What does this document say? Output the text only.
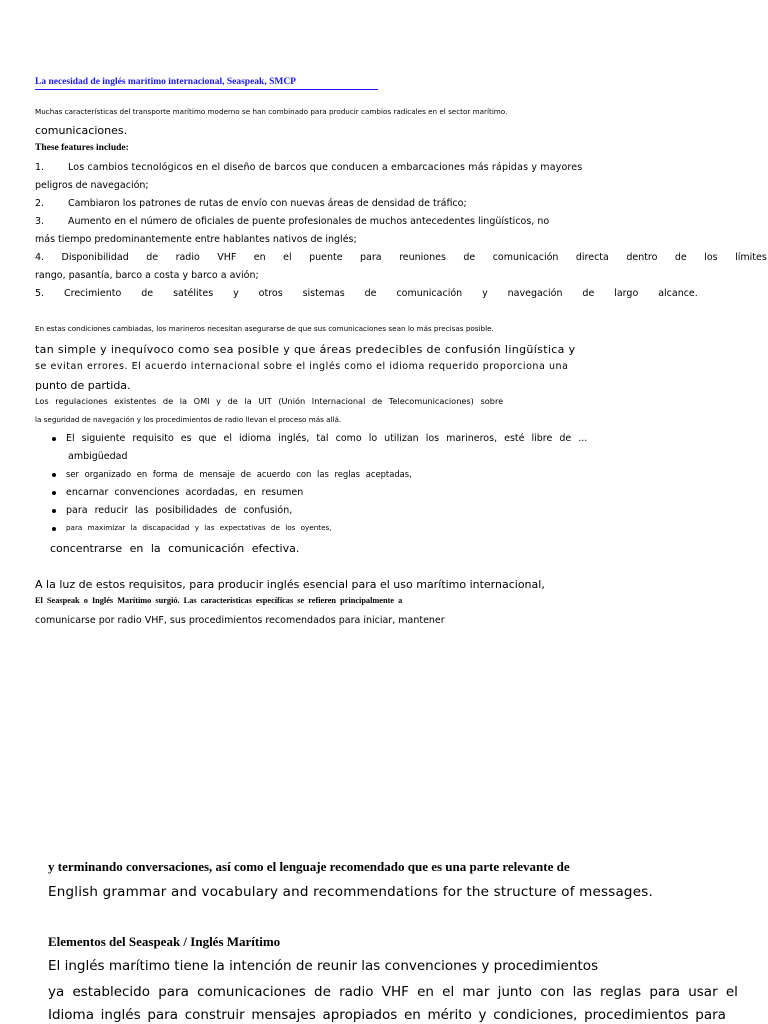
La necesidad de inglés marítimo internacional, Seaspeak, SMCP
Muchas características del transporte marítimo moderno se han combinado para producir cambios radicales en el sector marítimo.
comunicaciones.
These features include:
1.	Los cambios tecnológicos en el diseño de barcos que conducen a embarcaciones más rápidas y mayores
peligros de navegación;
2.	Cambiaron los patrones de rutas de envío con nuevas áreas de densidad de tráfico;
3.	Aumento en el número de oficiales de puente profesionales de muchos antecedentes lingüísticos, no
más tiempo predominantemente entre hablantes nativos de inglés;
4. Disponibilidad de radio VHF en el puente para reuniones de comunicación directa dentro de los límites
rango, pasantía, barco a costa y barco a avión;
5. Crecimiento de satélites y otros sistemas de comunicación y navegación de largo alcance.
En estas condiciones cambiadas, los marineros necesitan asegurarse de que sus comunicaciones sean lo más precisas posible.
tan simple y inequívoco como sea posible y que áreas predecibles de confusión lingüística y
se evitan errores. El acuerdo internacional sobre el inglés como el idioma requerido proporciona una
punto de partida.
Los regulaciones existentes de la OMI y de la UIT (Unión Internacional de Telecomunicaciones) sobre
la seguridad de navegación y los procedimientos de radio llevan el proceso más allá.
El siguiente requisito es que el idioma inglés, tal como lo utilizan los marineros, esté libre de ...
ambigüedad
ser organizado en forma de mensaje de acuerdo con las reglas aceptadas,
encarnar convenciones acordadas, en resumen
para reducir las posibilidades de confusión,
para maximizar la discapacidad y las expectativas de los oyentes,
concentrarse en la comunicación efectiva.
A la luz de estos requisitos, para producir inglés esencial para el uso marítimo internacional,
El Seaspeak o Inglés Marítimo surgió. Las características específicas se refieren principalmente a
comunicarse por radio VHF, sus procedimientos recomendados para iniciar, mantener
y terminando conversaciones, así como el lenguaje recomendado que es una parte relevante de
English grammar and vocabulary and recommendations for the structure of messages.
Elementos del Seaspeak / Inglés Marítimo
El inglés marítimo tiene la intención de reunir las convenciones y procedimientos
ya establecido para comunicaciones de radio VHF en el mar junto con las reglas para usar el
Idioma inglés para construir mensajes apropiados en mérito y condiciones, procedimientos para
